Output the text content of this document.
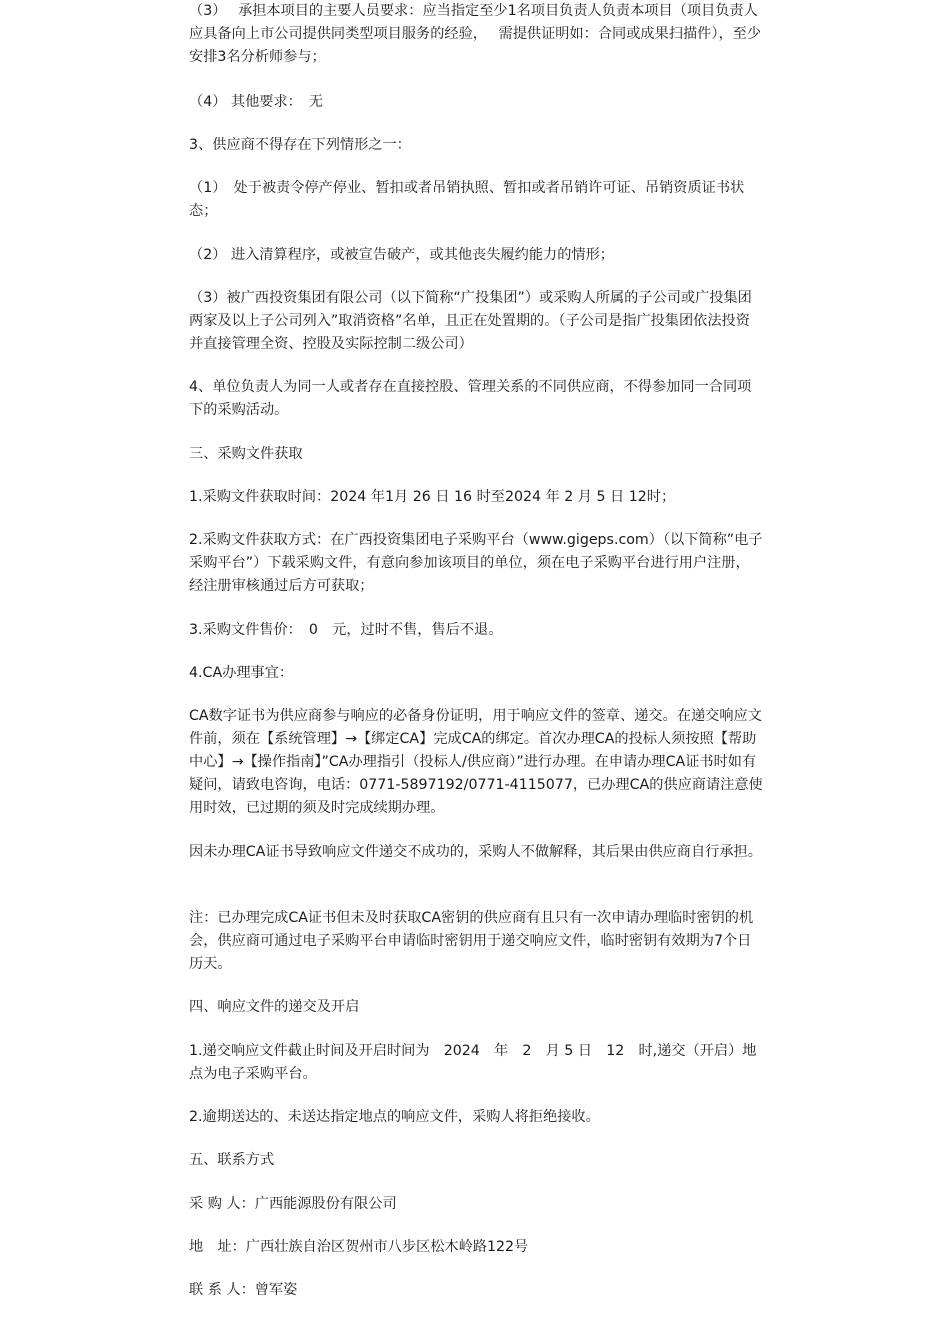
（3）　 承担本项目的主要人员要求：应当指定至少1名项目负责人负责本项目（项目负责人应具备向上市公司提供同类型项目服务的经验，　 需提供证明如：合同或成果扫描件），至少安排3名分析师参与；

（4） 其他要求：　无

3、供应商不得存在下列情形之一：

（1）　处于被责令停产停业、暂扣或者吊销执照、暂扣或者吊销许可证、吊销资质证书状态；

（2） 进入清算程序，或被宣告破产，或其他丧失履约能力的情形；

（3）被广西投资集团有限公司（以下简称“广投集团”）或采购人所属的子公司或广投集团两家及以上子公司列入”取消资格”名单，且正在处置期的。（子公司是指广投集团依法投资并直接管理全资、控股及实际控制二级公司）

4、单位负责人为同一人或者存在直接控股、管理关系的不同供应商，不得参加同一合同项下的采购活动。

三、采购文件获取

1.采购文件获取时间：2024 年1月 26 日 16 时至2024 年 2 月 5 日 12时；

2.采购文件获取方式：在广西投资集团电子采购平台（www.gigeps.com）（以下简称”电子采购平台”）下载采购文件，有意向参加该项目的单位，须在电子采购平台进行用户注册，经注册审核通过后方可获取；

3.采购文件售价：　0　元，过时不售，售后不退。

4.CA办理事宜：

CA数字证书为供应商参与响应的必备身份证明，用于响应文件的签章、递交。在递交响应文件前，须在【系统管理】→【绑定CA】完成CA的绑定。首次办理CA的投标人须按照【帮助中心】→【操作指南】”CA办理指引（投标人/供应商）”进行办理。在申请办理CA证书时如有疑问，请致电咨询，电话：0771-5897192/0771-4115077，已办理CA的供应商请注意使用时效，已过期的须及时完成续期办理。

因未办理CA证书导致响应文件递交不成功的，采购人不做解释，其后果由供应商自行承担。

注：已办理完成CA证书但未及时获取CA密钥的供应商有且只有一次申请办理临时密钥的机会，供应商可通过电子采购平台申请临时密钥用于递交响应文件，临时密钥有效期为7个日历天。

四、响应文件的递交及开启

1.递交响应文件截止时间及开启时间为　2024　年　2　月 5 日　12　时,递交（开启）地点为电子采购平台。

2.逾期送达的、未送达指定地点的响应文件，采购人将拒绝接收。

五、联系方式

采 购 人：广西能源股份有限公司

地　址：广西壮族自治区贺州市八步区松木岭路122号

联 系 人：曾军姿
